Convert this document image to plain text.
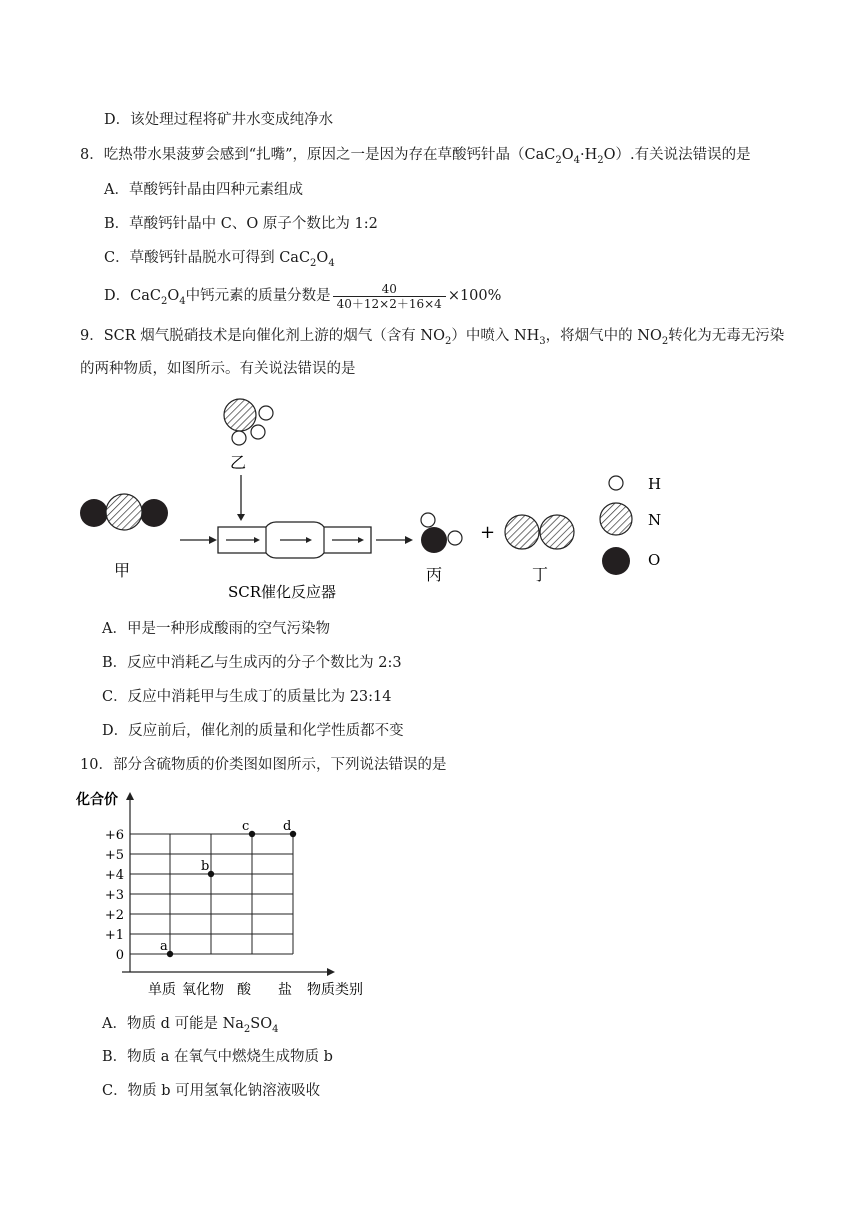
D．该处理过程将矿井水变成纯净水
8．吃热带水果菠萝会感到“扎嘴”，原因之一是因为存在草酸钙针晶$(CaC_2O_4\cdot H_2O)$.有关说法错误的是
A．草酸钙针晶由四种元素组成
B．草酸钙针晶中 C、O 原子个数比为 1:2
C．草酸钙针晶脱水可得到 $CaC_2O_4$
D．$CaC_2O_4$中钙元素的质量分数是 $\frac{40}{40+12\times 2+16\times 4} \times 100\%$
9．SCR 烟气脱硝技术是向催化剂上游的烟气（含有 $NO_2$）中喷入 $NH_3$，将烟气中的 $NO_2$转化为无毒无污染
的两种物质，如图所示。有关说法错误的是
乙
甲
SCR催化反应器
丙
+
丁
H
N
O
A．甲是一种形成酸雨的空气污染物
B．反应中消耗乙与生成丙的分子个数比为 2:3
C．反应中消耗甲与生成丁的质量比为 23:14
D．反应前后，催化剂的质量和化学性质都不变
10．部分含硫物质的价类图如图所示，下列说法错误的是
化合价
+6
+5
+4
+3
+2
+1
0
单质 氧化物 酸 盐
a
b
c	d
物质类别
A．物质 d 可能是 $Na_2SO_4$
B．物质 a 在氧气中燃烧生成物质 b
C．物质 b 可用氢氧化钠溶液吸收
